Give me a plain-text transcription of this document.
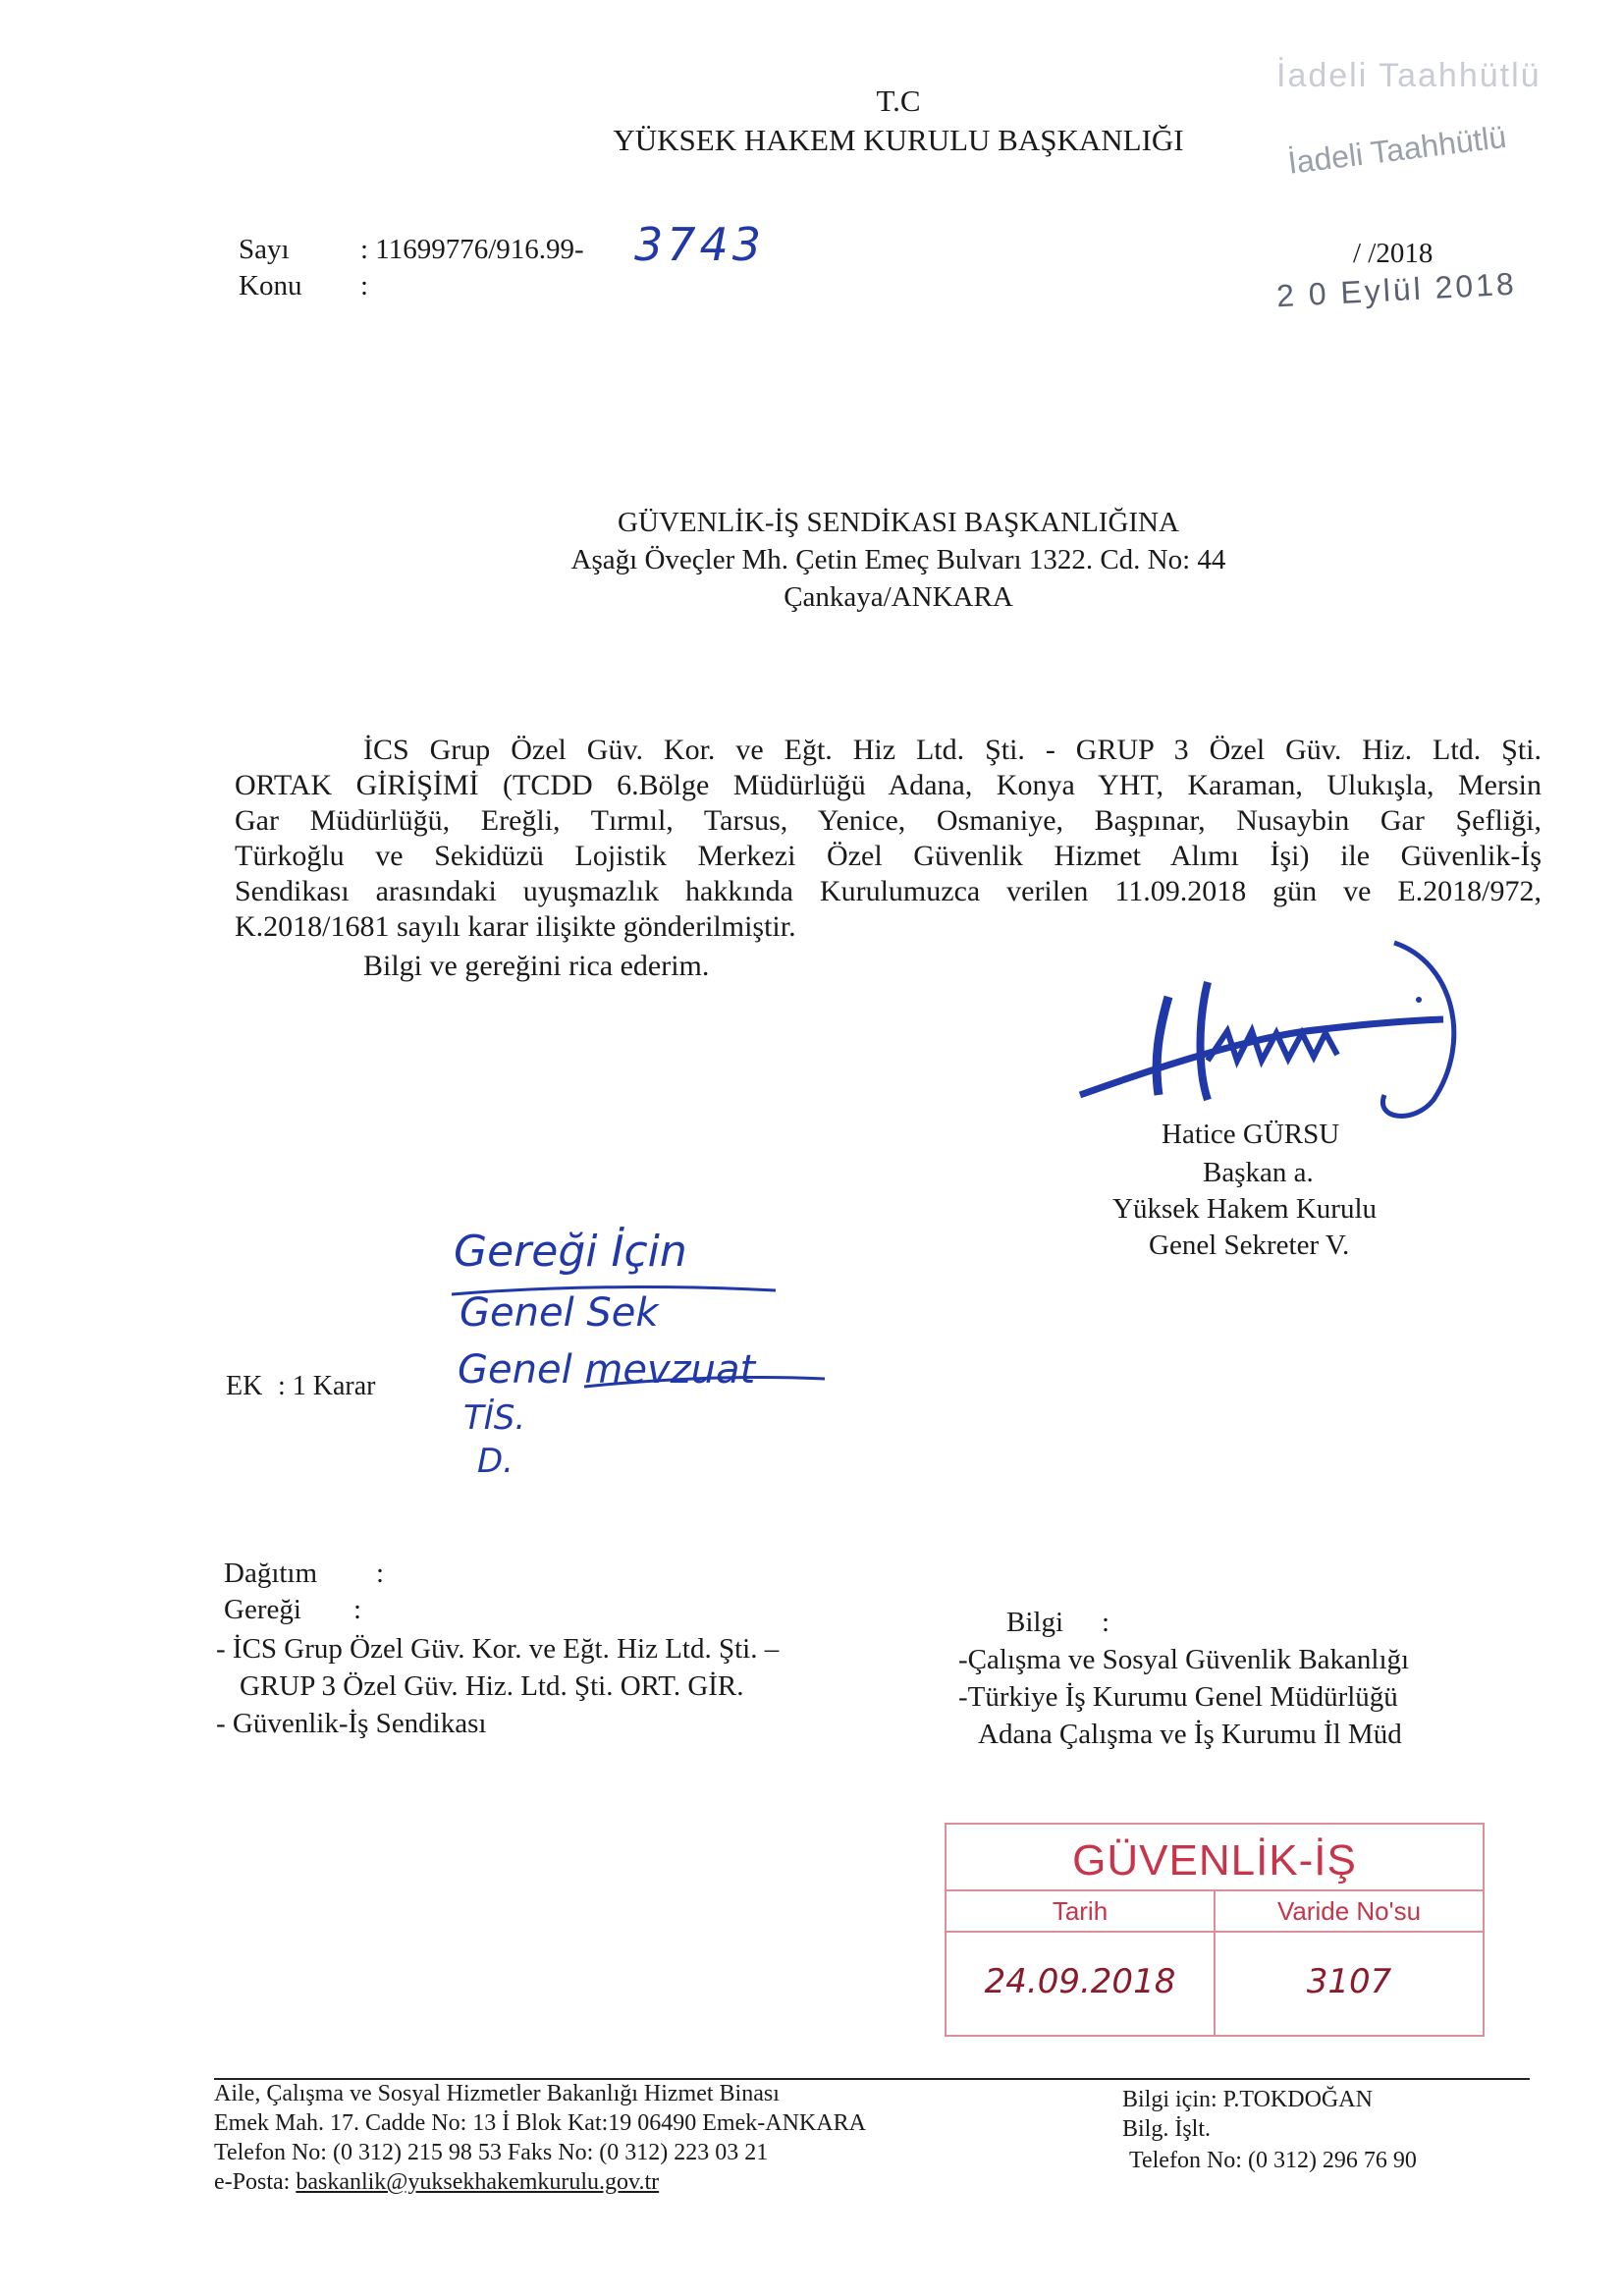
T.C
YÜKSEK HAKEM KURULU BAŞKANLIĞI
İadeli Taahhütlü
İadeli Taahhütlü
Sayı : 11699776/916.99- 3743
Konu :
/ /2018
2 0 Eylül 2018
GÜVENLİK-İŞ SENDİKASI BAŞKANLIĞINA
Aşağı Öveçler Mh. Çetin Emeç Bulvarı 1322. Cd. No: 44
Çankaya/ANKARA
İCS Grup Özel Güv. Kor. ve Eğt. Hiz Ltd. Şti. - GRUP 3 Özel Güv. Hiz. Ltd. Şti.
ORTAK GİRİŞİMİ (TCDD 6.Bölge Müdürlüğü Adana, Konya YHT, Karaman, Ulukışla, Mersin
Gar Müdürlüğü, Ereğli, Tırmıl, Tarsus, Yenice, Osmaniye, Başpınar, Nusaybin Gar Şefliği,
Türkoğlu ve Sekidüzü Lojistik Merkezi Özel Güvenlik Hizmet Alımı İşi) ile Güvenlik-İş
Sendikası arasındaki uyuşmazlık hakkında Kurulumuzca verilen 11.09.2018 gün ve E.2018/972,
K.2018/1681 sayılı karar ilişikte gönderilmiştir.
Bilgi ve gereğini rica ederim.
Hatice GÜRSU
Başkan a.
Yüksek Hakem Kurulu
Genel Sekreter V.
Gereği İçin
Genel Sek
Genel mevzuat
TİS.
D.
EK : 1 Karar
Dağıtım :
Gereği :
- İCS Grup Özel Güv. Kor. ve Eğt. Hiz Ltd. Şti. –
GRUP 3 Özel Güv. Hiz. Ltd. Şti. ORT. GİR.
- Güvenlik-İş Sendikası
Bilgi :
-Çalışma ve Sosyal Güvenlik Bakanlığı
-Türkiye İş Kurumu Genel Müdürlüğü
Adana Çalışma ve İş Kurumu İl Müd
GÜVENLİK-İŞ
Tarih	Varide No'su
24.09.2018	3107
Aile, Çalışma ve Sosyal Hizmetler Bakanlığı Hizmet Binası
Emek Mah. 17. Cadde No: 13 İ Blok Kat:19 06490 Emek-ANKARA
Telefon No: (0 312) 215 98 53 Faks No: (0 312) 223 03 21
e-Posta: baskanlik@yuksekhakemkurulu.gov.tr
Bilgi için: P.TOKDOĞAN
Bilg. İşlt.
Telefon No: (0 312) 296 76 90
